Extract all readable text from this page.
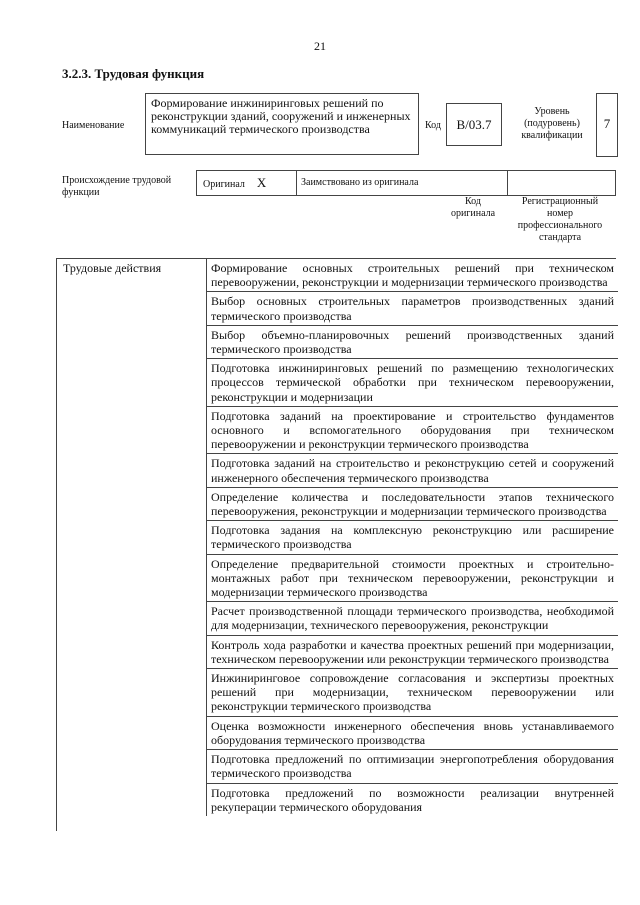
21
3.2.3. Трудовая функция
Наименование
Формирование инжиниринговых решений по реконструкции зданий, сооружений и инженерных коммуникаций термического производства	Код	B/03.7
Уровень (подуровень) квалификации
7
Происхождение трудовой функции
Оригинал X	Заимствовано из оригинала
Код оригинала
Регистрационный номер профессионального стандарта
Трудовые действия	Формирование основных строительных решений при техническом перевооружении, реконструкции и модернизации термического производства
Выбор основных строительных параметров производственных зданий термического производства
Выбор объемно-планировочных решений производственных зданий термического производства
Подготовка инжиниринговых решений по размещению технологических процессов термической обработки при техническом перевооружении, реконструкции и модернизации
Подготовка заданий на проектирование и строительство фундаментов основного и вспомогательного оборудования при техническом перевооружении и реконструкции термического производства
Подготовка заданий на строительство и реконструкцию сетей и сооружений инженерного обеспечения термического производства
Определение количества и последовательности этапов технического перевооружения, реконструкции и модернизации термического производства
Подготовка задания на комплексную реконструкцию или расширение термического производства
Определение предварительной стоимости проектных и строительно-монтажных работ при техническом перевооружении, реконструкции и модернизации термического производства
Расчет производственной площади термического производства, необходимой для модернизации, технического перевооружения, реконструкции
Контроль хода разработки и качества проектных решений при модернизации, техническом перевооружении или реконструкции термического производства
Инжиниринговое сопровождение согласования и экспертизы проектных решений при модернизации, техническом перевооружении или реконструкции термического производства
Оценка возможности инженерного обеспечения вновь устанавливаемого оборудования термического производства
Подготовка предложений по оптимизации энергопотребления оборудования термического производства
Подготовка предложений по возможности реализации внутренней рекуперации термического оборудования
